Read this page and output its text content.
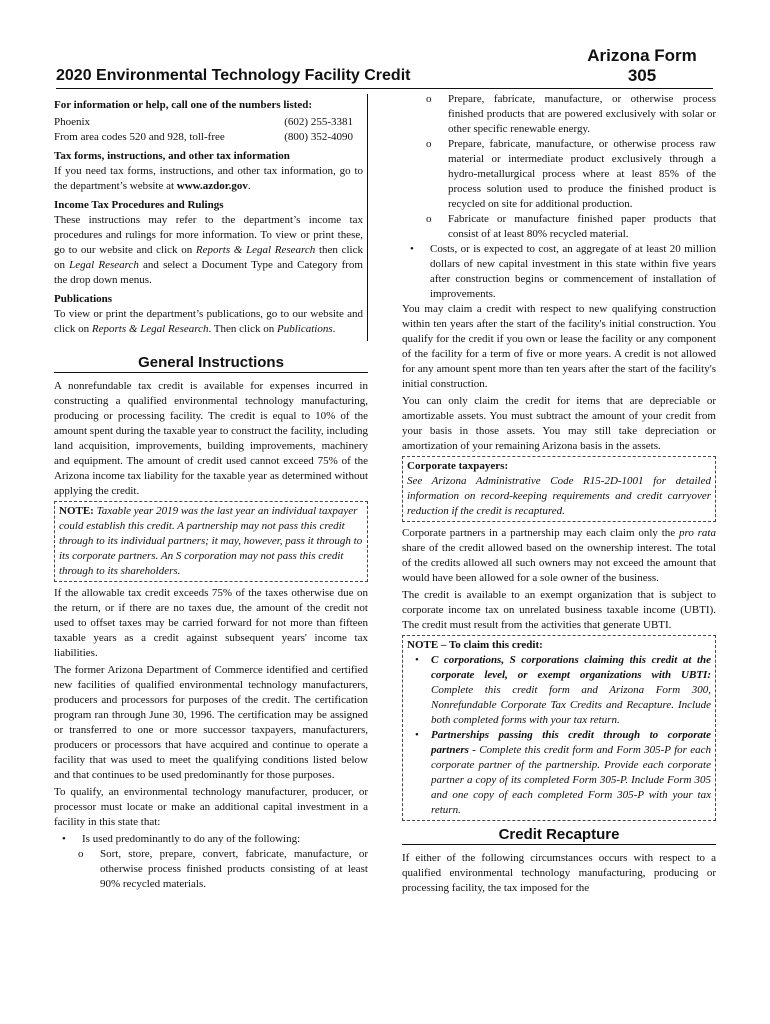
Arizona Form
305
2020 Environmental Technology Facility Credit

For information or help, call one of the numbers listed:

Phoenix	(602) 255-3381
From area codes 520 and 928, toll-free	(800) 352-4090
Tax forms, instructions, and other tax information

If you need tax forms, instructions, and other tax information, go to the department’s website at www.azdor.gov.

Income Tax Procedures and Rulings

These instructions may refer to the department’s income tax procedures and rulings for more information. To view or print these, go to our website and click on Reports & Legal Research then click on Legal Research and select a Document Type and Category from the drop down menus.

Publications

To view or print the department’s publications, go to our website and click on Reports & Legal Research. Then click on Publications.

General Instructions

A nonrefundable tax credit is available for expenses incurred in constructing a qualified environmental technology manufacturing, producing or processing facility. The credit is equal to 10% of the amount spent during the taxable year to construct the facility, including land acquisition, improvements, building improvements, machinery and equipment. The amount of credit used cannot exceed 75% of the Arizona income tax liability for the taxable year as determined without applying the credit.

NOTE: Taxable year 2019 was the last year an individual taxpayer could establish this credit. A partnership may not pass this credit through to its individual partners; it may, however, pass it through to its corporate partners. An S corporation may not pass this credit through to its shareholders.

If the allowable tax credit exceeds 75% of the taxes otherwise due on the return, or if there are no taxes due, the amount of the credit not used to offset taxes may be carried forward for not more than fifteen taxable years as a credit against subsequent years' income tax liabilities.

The former Arizona Department of Commerce identified and certified new facilities of qualified environmental technology manufacturers, producers and processors for purposes of the credit. The certification program ran through June 30, 1996. The certification may be assigned or transferred to one or more successor taxpayers, manufacturers, producers or processors that have acquired and continue to operate a facility that was used to meet the qualifying conditions listed below and that continues to be used predominantly for those purposes.

To qualify, an environmental technology manufacturer, producer, or processor must locate or make an additional capital investment in a facility in this state that:

• Is used predominantly to do any of the following:
o Sort, store, prepare, convert, fabricate, manufacture, or otherwise process finished products consisting of at least 90% recycled materials.
o Prepare, fabricate, manufacture, or otherwise process finished products that are powered exclusively with solar or other specific renewable energy.
o Prepare, fabricate, manufacture, or otherwise process raw material or intermediate product exclusively through a hydro-metallurgical process where at least 85% of the process solution used to produce the finished product is recycled on site for additional production.
o Fabricate or manufacture finished paper products that consist of at least 80% recycled material.
• Costs, or is expected to cost, an aggregate of at least 20 million dollars of new capital investment in this state within five years after construction begins or commencement of installation of improvements.

You may claim a credit with respect to new qualifying construction within ten years after the start of the facility's initial construction. You qualify for the credit if you own or lease the facility or any component of the facility for a term of five or more years. A credit is not allowed for any amount spent more than ten years after the start of the facility's initial construction.

You can only claim the credit for items that are depreciable or amortizable assets. You must subtract the amount of your credit from your basis in those assets. You may still take depreciation or amortization of your remaining Arizona basis in the assets.

Corporate taxpayers:
See Arizona Administrative Code R15-2D-1001 for detailed information on record-keeping requirements and credit carryover reduction if the credit is recaptured.

Corporate partners in a partnership may each claim only the pro rata share of the credit allowed based on the ownership interest. The total of the credits allowed all such owners may not exceed the amount that would have been allowed for a sole owner of the business.

The credit is available to an exempt organization that is subject to corporate income tax on unrelated business taxable income (UBTI). The credit must result from the activities that generate UBTI.

NOTE – To claim this credit:
• C corporations, S corporations claiming this credit at the corporate level, or exempt organizations with UBTI: Complete this credit form and Arizona Form 300, Nonrefundable Corporate Tax Credits and Recapture. Include both completed forms with your tax return.
• Partnerships passing this credit through to corporate partners - Complete this credit form and Form 305-P for each corporate partner of the partnership. Provide each corporate partner a copy of its completed Form 305-P. Include Form 305 and one copy of each completed Form 305-P with your tax return.
Credit Recapture

If either of the following circumstances occurs with respect to a qualified environmental technology manufacturing, producing or processing facility, the tax imposed for the
